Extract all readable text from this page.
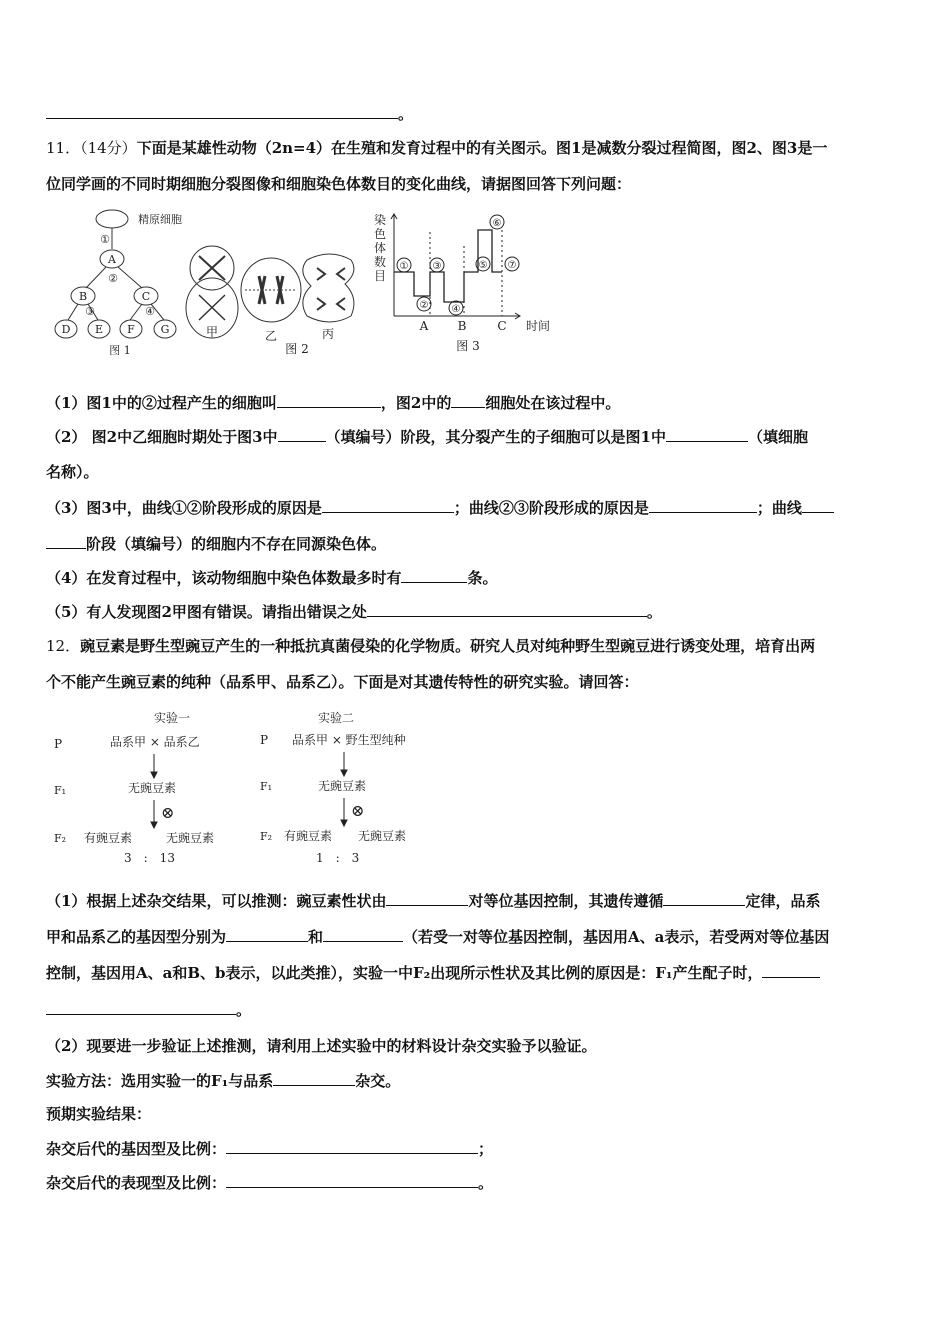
。
11．（14分）下面是某雄性动物（2n=4）在生殖和发育过程中的有关图示。图1是减数分裂过程简图，图2、图3是一
位同学画的不同时期细胞分裂图像和细胞染色体数目的变化曲线，请据图回答下列问题：
精原细胞
A
B	C
D E F G
①
②
③	④
图 1
甲	乙	丙
图 2
染
色
体
数
目
①
②
③
④
⑤
⑥
⑦
A B	C 时间
图 3
（1）图1中的②过程产生的细胞叫	，图2中的 细胞处在该过程中。
（2） 图2中乙细胞时期处于图3中	（填编号）阶段，其分裂产生的子细胞可以是图1中	（填细胞
名称）。
（3）图3中，曲线①②阶段形成的原因是	；曲线②③阶段形成的原因是	；曲线
阶段（填编号）的细胞内不存在同源染色体。
（4）在发育过程中，该动物细胞中染色体数最多时有	条。
（5）有人发现图2甲图有错误。请指出错误之处	。
12．豌豆素是野生型豌豆产生的一种抵抗真菌侵染的化学物质。研究人员对纯种野生型豌豆进行诱变处理，培育出两
个不能产生豌豆素的纯种（品系甲、品系乙）。下面是对其遗传特性的研究实验。请回答：
实验一	实验二
P
F₁
F₂
P
F₁
F₂
品系甲 × 品系乙
无豌豆素
有豌豆素	无豌豆素
3　:　13
品系甲 × 野生型纯种
无豌豆素
有豌豆素 无豌豆素
1　:　3
⊗	⊗
（1）根据上述杂交结果，可以推测：豌豆素性状由	对等位基因控制，其遗传遵循	定律，品系
甲和品系乙的基因型分别为	和	（若受一对等位基因控制，基因用A、a表示，若受两对等位基因
控制，基因用A、a和B、b表示，以此类推），实验一中F₂出现所示性状及其比例的原因是：F₁产生配子时，
。
（2）现要进一步验证上述推测，请利用上述实验中的材料设计杂交实验予以验证。
实验方法：选用实验一的F₁与品系	杂交。
预期实验结果：
杂交后代的基因型及比例：	；
杂交后代的表现型及比例：	。
